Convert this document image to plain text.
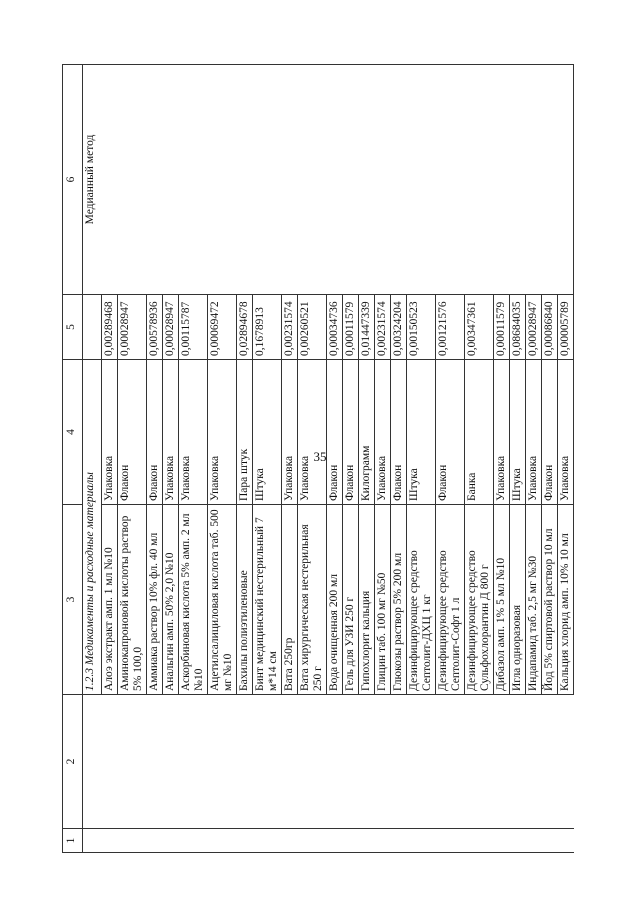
35
1	2	3	4	5	6
		1.2.3 Медикаменты и расходные материалы			Медианный метод
		Алоэ экстракт амп. 1 мл №10	Упаковка	0,00289468	
		Аминокапроновой кислоты раствор 5% 100,0	Флакон	0,00028947	
		Аммиака раствор 10% фл. 40 мл	Флакон	0,00578936	
		Анальгин амп. 50% 2,0 №10	Упаковка	0,00028947	
		Аскорбиновая кислота 5% амп. 2 мл №10	Упаковка	0,00115787	
		Ацетилсалициловая кислота таб. 500 мг №10	Упаковка	0,00069472	
		Бахилы полиэтиленовые	Пара штук	0,02894678	
		Бинт медицинский нестерильный 7 м*14 см	Штука	0,1678913	
		Вата 250гр	Упаковка	0,00231574	
		Вата хирургическая нестерильная 250 г	Упаковка	0,00260521	
		Вода очищенная 200 мл	Флакон	0,00034736	
		Гель для УЗИ 250 г	Флакон	0,00011579	
		Гипохлорит кальция	Килограмм	0,01447339	
		Глицин таб. 100 мг №50	Упаковка	0,00231574	
		Глюкозы раствор 5% 200 мл	Флакон	0,00324204	
		Дезинфицирующее средство Септолит-ДХЦ 1 кг	Штука	0,00150523	
		Дезинфицирующее средство Септолит-Софт 1 л	Флакон	0,00121576	
		Дезинфицирующее средство Сульфохлорантин Д 800 г	Банка	0,00347361	
		Дибазол амп. 1% 5 мл №10	Упаковка	0,00011579	
		Игла одноразовая	Штука	0,08684035	
		Индапамид таб. 2,5 мг №30	Упаковка	0,00028947	
		Йод 5% спиртовой раствор 10 мл	Флакон	0,00086840	
		Кальция хлорид амп. 10% 10 мл	Упаковка	0,00005789	
